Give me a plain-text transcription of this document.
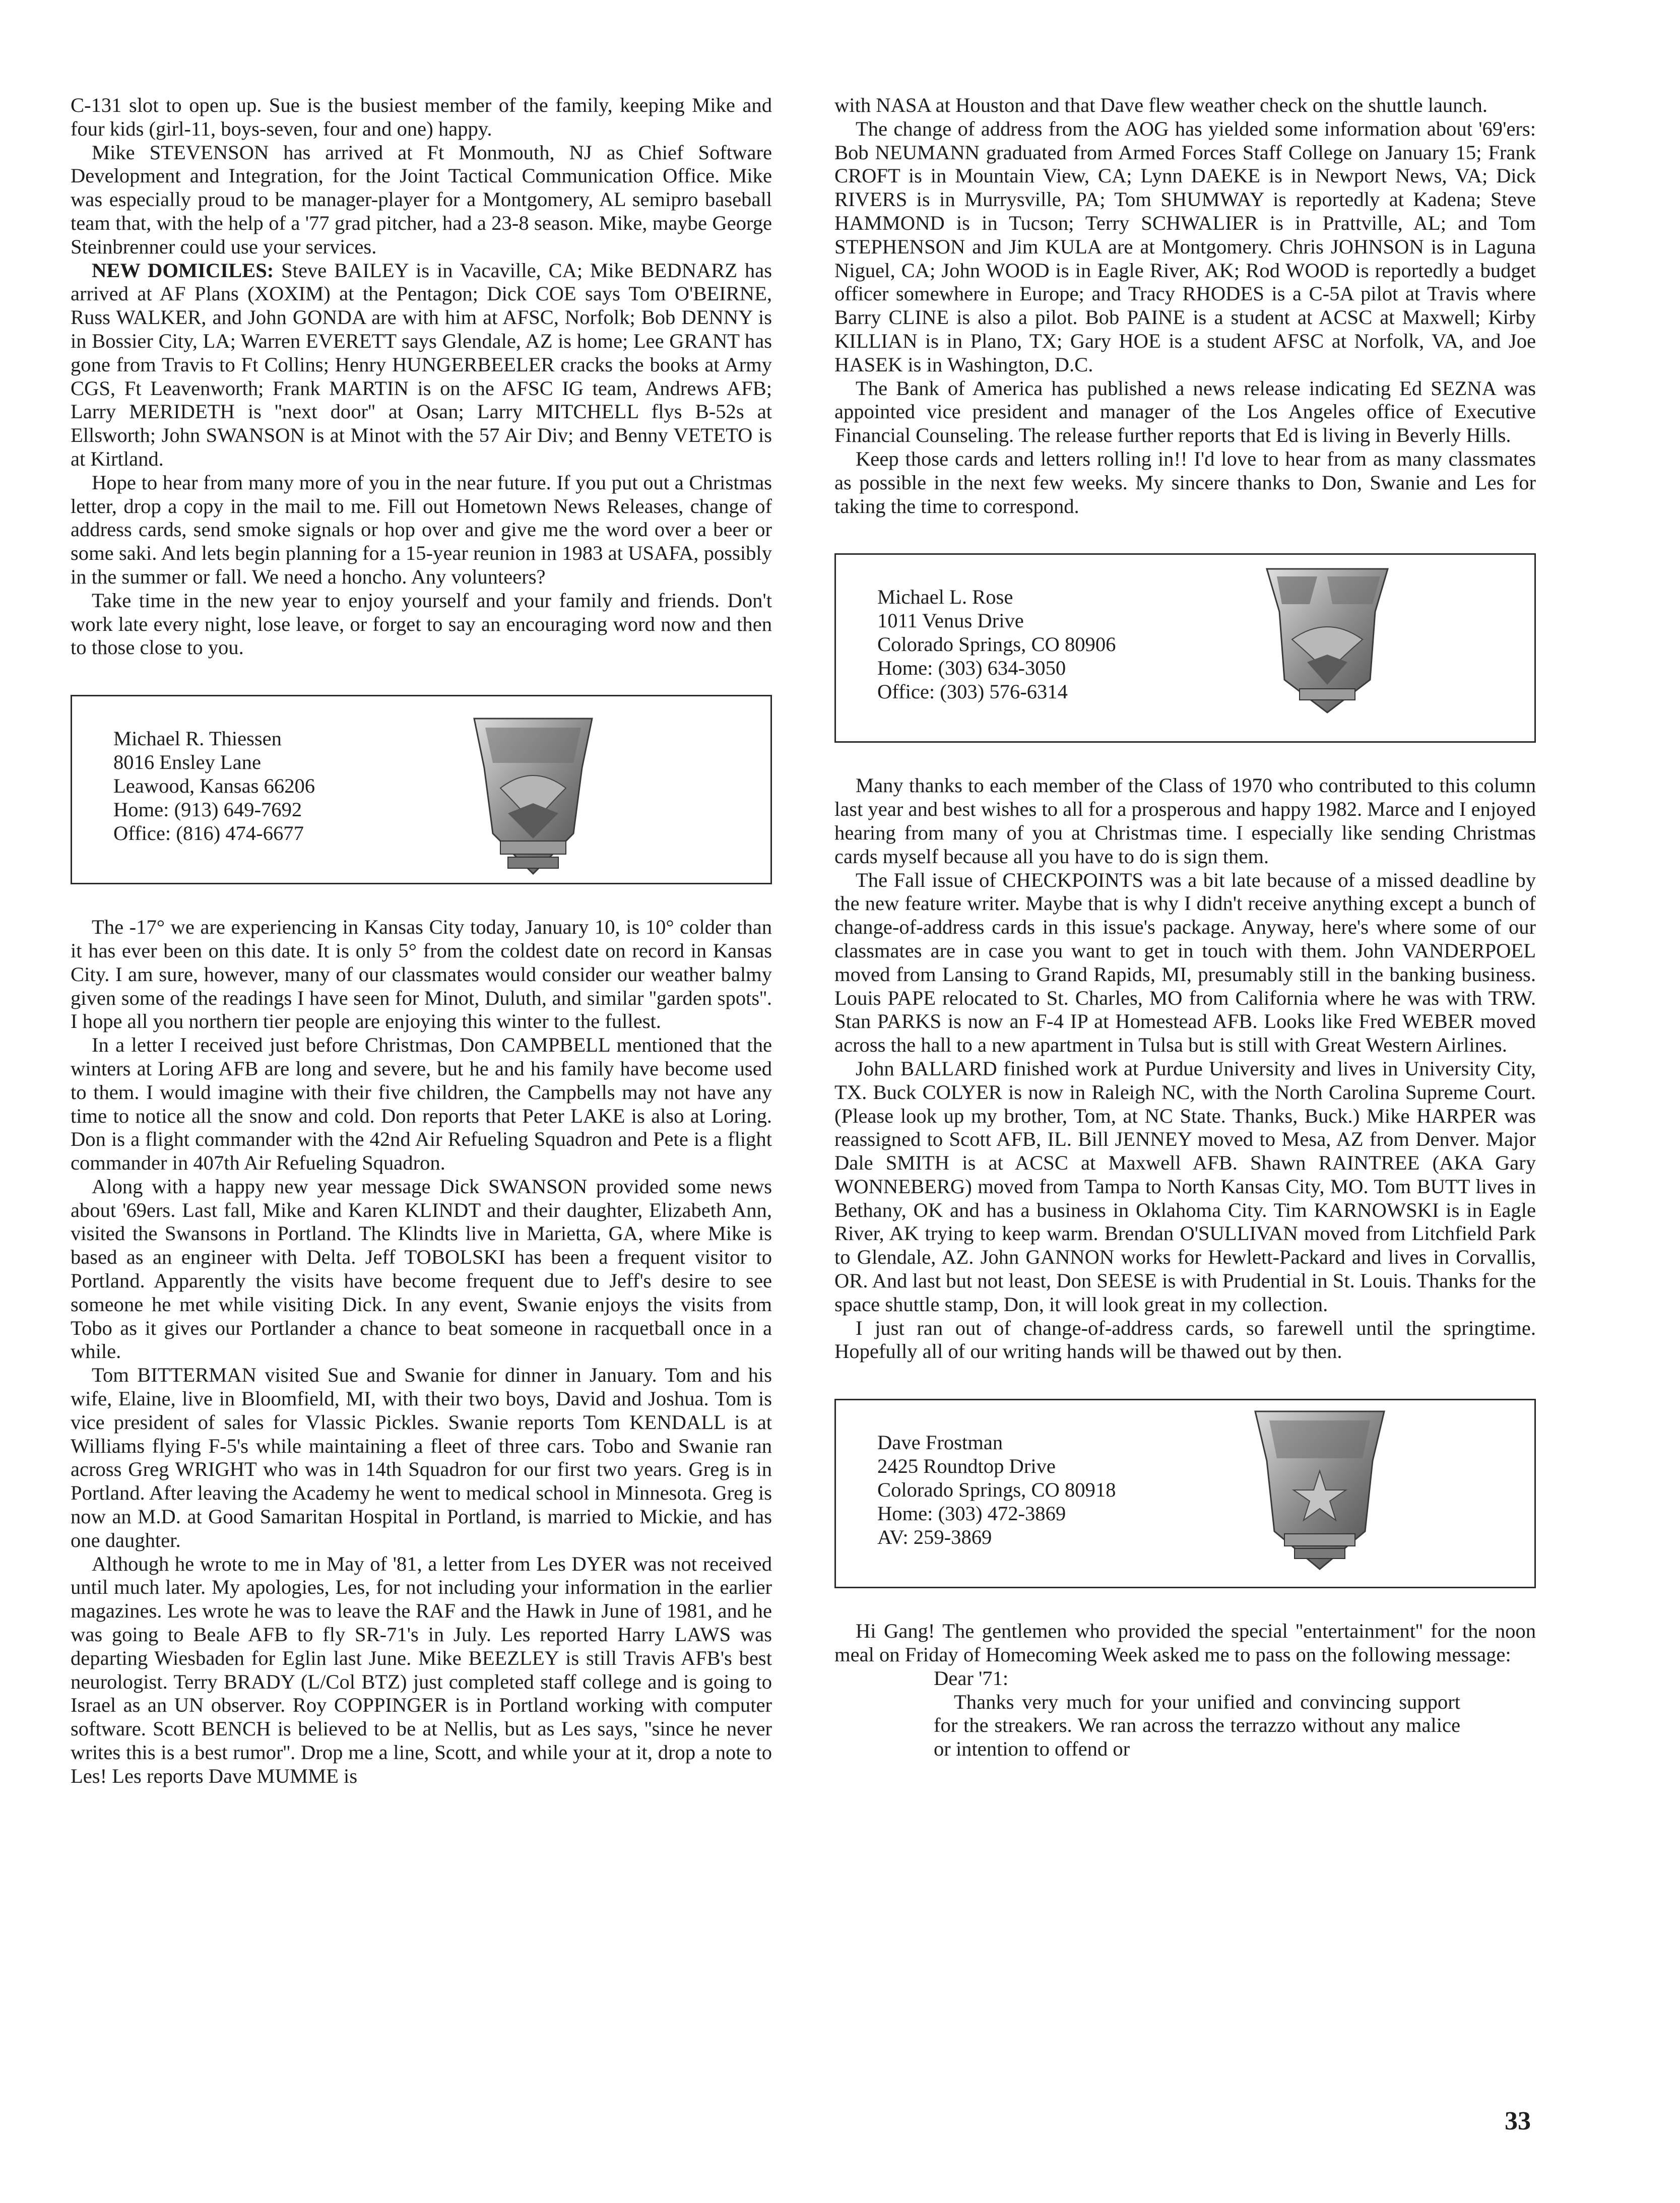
C-131 slot to open up. Sue is the busiest member of the family, keeping Mike and four kids (girl-11, boys-seven, four and one) happy.

Mike STEVENSON has arrived at Ft Monmouth, NJ as Chief Software Development and Integration, for the Joint Tactical Communication Office. Mike was especially proud to be manager-player for a Montgomery, AL semipro baseball team that, with the help of a '77 grad pitcher, had a 23-8 season. Mike, maybe George Steinbrenner could use your services.

NEW DOMICILES: Steve BAILEY is in Vacaville, CA; Mike BEDNARZ has arrived at AF Plans (XOXIM) at the Pentagon; Dick COE says Tom O'BEIRNE, Russ WALKER, and John GONDA are with him at AFSC, Norfolk; Bob DENNY is in Bossier City, LA; Warren EVERETT says Glendale, AZ is home; Lee GRANT has gone from Travis to Ft Collins; Henry HUNGERBEELER cracks the books at Army CGS, Ft Leavenworth; Frank MARTIN is on the AFSC IG team, Andrews AFB; Larry MERIDETH is ''next door'' at Osan; Larry MITCHELL flys B-52s at Ellsworth; John SWANSON is at Minot with the 57 Air Div; and Benny VETETO is at Kirtland.

Hope to hear from many more of you in the near future. If you put out a Christmas letter, drop a copy in the mail to me. Fill out Hometown News Releases, change of address cards, send smoke signals or hop over and give me the word over a beer or some saki. And lets begin planning for a 15-year reunion in 1983 at USAFA, possibly in the summer or fall. We need a honcho. Any volunteers?

Take time in the new year to enjoy yourself and your family and friends. Don't work late every night, lose leave, or forget to say an encouraging word now and then to those close to you.

Michael R. Thiessen
8016 Ensley Lane
Leawood, Kansas 66206
Home: (913) 649-7692
Office: (816) 474-6677

The -17° we are experiencing in Kansas City today, January 10, is 10° colder than it has ever been on this date. It is only 5° from the coldest date on record in Kansas City. I am sure, however, many of our classmates would consider our weather balmy given some of the readings I have seen for Minot, Duluth, and similar ''garden spots''. I hope all you northern tier people are enjoying this winter to the fullest.

In a letter I received just before Christmas, Don CAMPBELL mentioned that the winters at Loring AFB are long and severe, but he and his family have become used to them. I would imagine with their five children, the Campbells may not have any time to notice all the snow and cold. Don reports that Peter LAKE is also at Loring. Don is a flight commander with the 42nd Air Refueling Squadron and Pete is a flight commander in 407th Air Refueling Squadron.

Along with a happy new year message Dick SWANSON provided some news about '69ers. Last fall, Mike and Karen KLINDT and their daughter, Elizabeth Ann, visited the Swansons in Portland. The Klindts live in Marietta, GA, where Mike is based as an engineer with Delta. Jeff TOBOLSKI has been a frequent visitor to Portland. Apparently the visits have become frequent due to Jeff's desire to see someone he met while visiting Dick. In any event, Swanie enjoys the visits from Tobo as it gives our Portlander a chance to beat someone in racquetball once in a while.

Tom BITTERMAN visited Sue and Swanie for dinner in January. Tom and his wife, Elaine, live in Bloomfield, MI, with their two boys, David and Joshua. Tom is vice president of sales for Vlassic Pickles. Swanie reports Tom KENDALL is at Williams flying F-5's while maintaining a fleet of three cars. Tobo and Swanie ran across Greg WRIGHT who was in 14th Squadron for our first two years. Greg is in Portland. After leaving the Academy he went to medical school in Minnesota. Greg is now an M.D. at Good Samaritan Hospital in Portland, is married to Mickie, and has one daughter.

Although he wrote to me in May of '81, a letter from Les DYER was not received until much later. My apologies, Les, for not including your information in the earlier magazines. Les wrote he was to leave the RAF and the Hawk in June of 1981, and he was going to Beale AFB to fly SR-71's in July. Les reported Harry LAWS was departing Wiesbaden for Eglin last June. Mike BEEZLEY is still Travis AFB's best neurologist. Terry BRADY (L/Col BTZ) just completed staff college and is going to Israel as an UN observer. Roy COPPINGER is in Portland working with computer software. Scott BENCH is believed to be at Nellis, but as Les says, ''since he never writes this is a best rumor''. Drop me a line, Scott, and while your at it, drop a note to Les! Les reports Dave MUMME is

with NASA at Houston and that Dave flew weather check on the shuttle launch.

The change of address from the AOG has yielded some information about '69'ers: Bob NEUMANN graduated from Armed Forces Staff College on January 15; Frank CROFT is in Mountain View, CA; Lynn DAEKE is in Newport News, VA; Dick RIVERS is in Murrysville, PA; Tom SHUMWAY is reportedly at Kadena; Steve HAMMOND is in Tucson; Terry SCHWALIER is in Prattville, AL; and Tom STEPHENSON and Jim KULA are at Montgomery. Chris JOHNSON is in Laguna Niguel, CA; John WOOD is in Eagle River, AK; Rod WOOD is reportedly a budget officer somewhere in Europe; and Tracy RHODES is a C-5A pilot at Travis where Barry CLINE is also a pilot. Bob PAINE is a student at ACSC at Maxwell; Kirby KILLIAN is in Plano, TX; Gary HOE is a student AFSC at Norfolk, VA, and Joe HASEK is in Washington, D.C.

The Bank of America has published a news release indicating Ed SEZNA was appointed vice president and manager of the Los Angeles office of Executive Financial Counseling. The release further reports that Ed is living in Beverly Hills.

Keep those cards and letters rolling in!! I'd love to hear from as many classmates as possible in the next few weeks. My sincere thanks to Don, Swanie and Les for taking the time to correspond.

Michael L. Rose
1011 Venus Drive
Colorado Springs, CO 80906
Home: (303) 634-3050
Office: (303) 576-6314

Many thanks to each member of the Class of 1970 who contributed to this column last year and best wishes to all for a prosperous and happy 1982. Marce and I enjoyed hearing from many of you at Christmas time. I especially like sending Christmas cards myself because all you have to do is sign them.

The Fall issue of CHECKPOINTS was a bit late because of a missed deadline by the new feature writer. Maybe that is why I didn't receive anything except a bunch of change-of-address cards in this issue's package. Anyway, here's where some of our classmates are in case you want to get in touch with them. John VANDERPOEL moved from Lansing to Grand Rapids, MI, presumably still in the banking business. Louis PAPE relocated to St. Charles, MO from California where he was with TRW. Stan PARKS is now an F-4 IP at Homestead AFB. Looks like Fred WEBER moved across the hall to a new apartment in Tulsa but is still with Great Western Airlines.

John BALLARD finished work at Purdue University and lives in University City, TX. Buck COLYER is now in Raleigh NC, with the North Carolina Supreme Court. (Please look up my brother, Tom, at NC State. Thanks, Buck.) Mike HARPER was reassigned to Scott AFB, IL. Bill JENNEY moved to Mesa, AZ from Denver. Major Dale SMITH is at ACSC at Maxwell AFB. Shawn RAINTREE (AKA Gary WONNEBERG) moved from Tampa to North Kansas City, MO. Tom BUTT lives in Bethany, OK and has a business in Oklahoma City. Tim KARNOWSKI is in Eagle River, AK trying to keep warm. Brendan O'SULLIVAN moved from Litchfield Park to Glendale, AZ. John GANNON works for Hewlett-Packard and lives in Corvallis, OR. And last but not least, Don SEESE is with Prudential in St. Louis. Thanks for the space shuttle stamp, Don, it will look great in my collection.

I just ran out of change-of-address cards, so farewell until the springtime. Hopefully all of our writing hands will be thawed out by then.

Dave Frostman
2425 Roundtop Drive
Colorado Springs, CO 80918
Home: (303) 472-3869
AV: 259-3869

Hi Gang! The gentlemen who provided the special ''entertainment'' for the noon meal on Friday of Homecoming Week asked me to pass on the following message:

Dear '71:

Thanks very much for your unified and convincing support for the streakers. We ran across the terrazzo without any malice or intention to offend or

33
